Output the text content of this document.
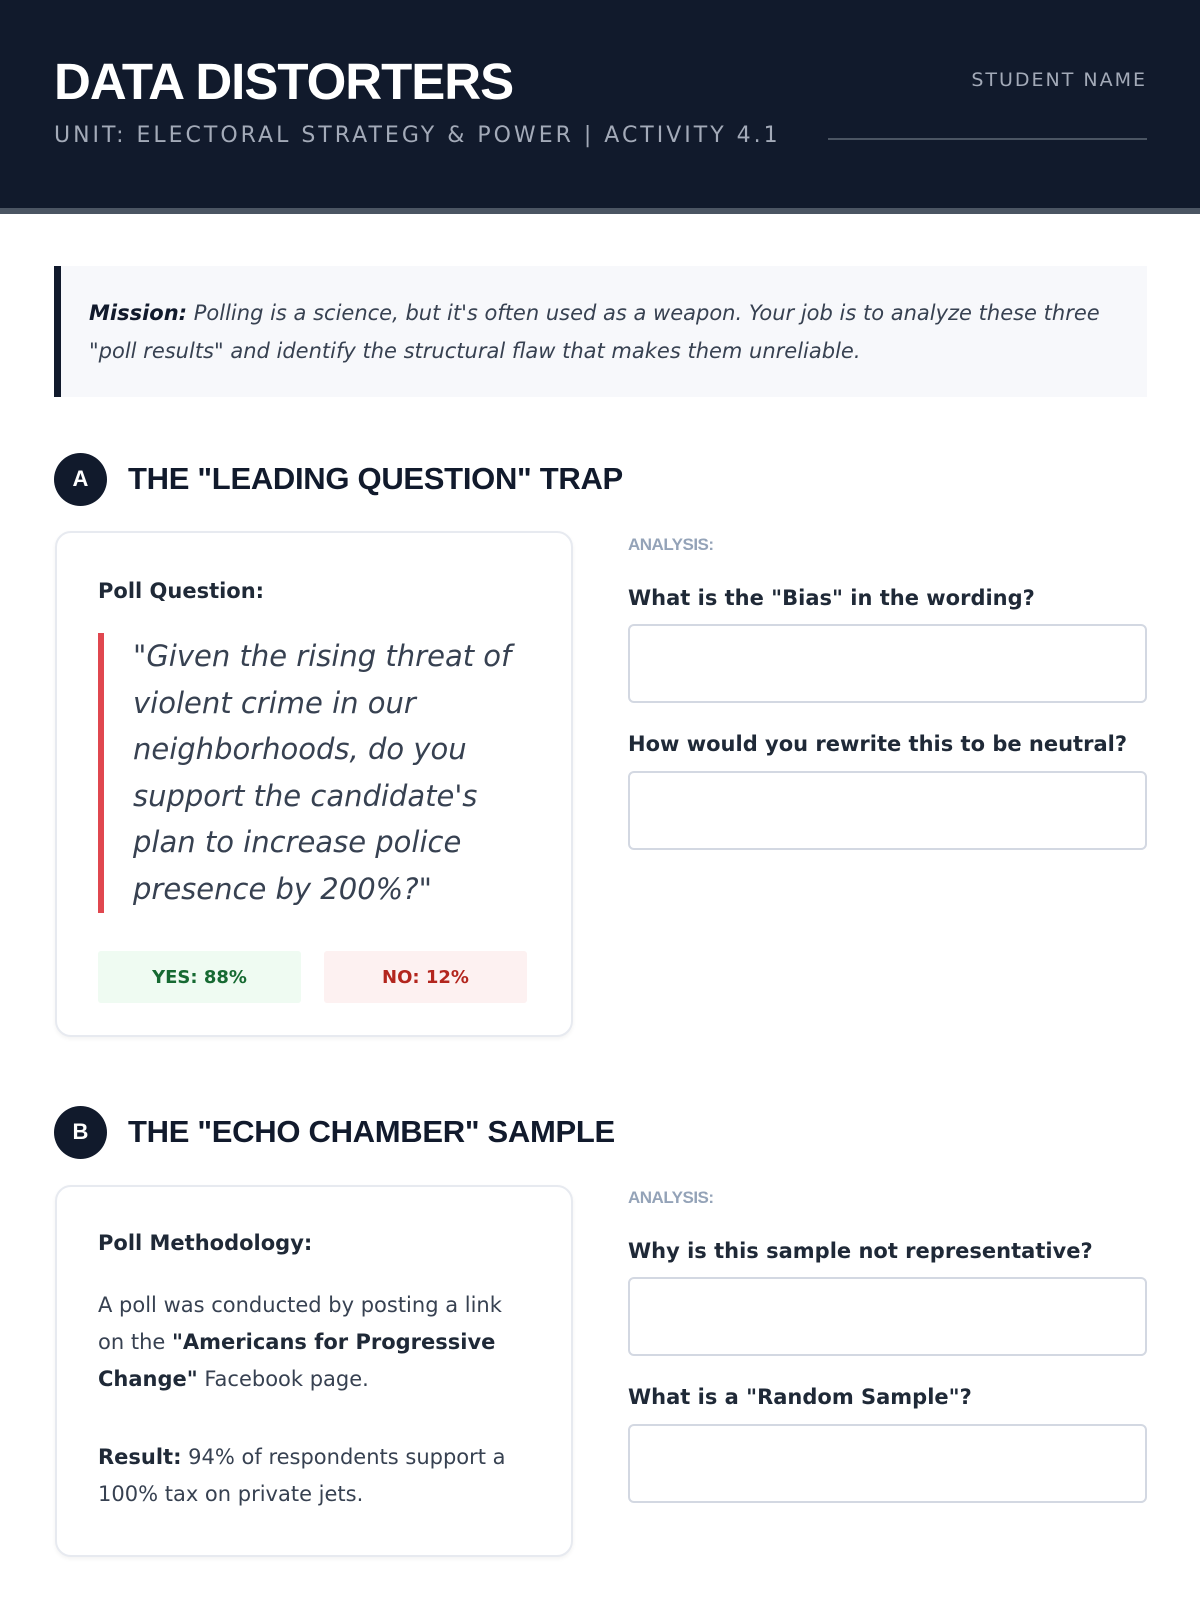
DATA DISTORTERS
UNIT: ELECTORAL STRATEGY & POWER | ACTIVITY 4.1
STUDENT NAME
Mission: Polling is a science, but it's often used as a weapon. Your job is to analyze these three "poll results" and identify the structural flaw that makes them unreliable.
A	THE "LEADING QUESTION" TRAP
Poll Question:
"Given the rising threat of violent crime in our neighborhoods, do you support the candidate's plan to increase police presence by 200%?"
YES: 88%	NO: 12%
ANALYSIS:
What is the "Bias" in the wording?
How would you rewrite this to be neutral?
B	THE "ECHO CHAMBER" SAMPLE
Poll Methodology:
A poll was conducted by posting a link on the "Americans for Progressive Change" Facebook page.
Result: 94% of respondents support a 100% tax on private jets.
ANALYSIS:
Why is this sample not representative?
What is a "Random Sample"?
